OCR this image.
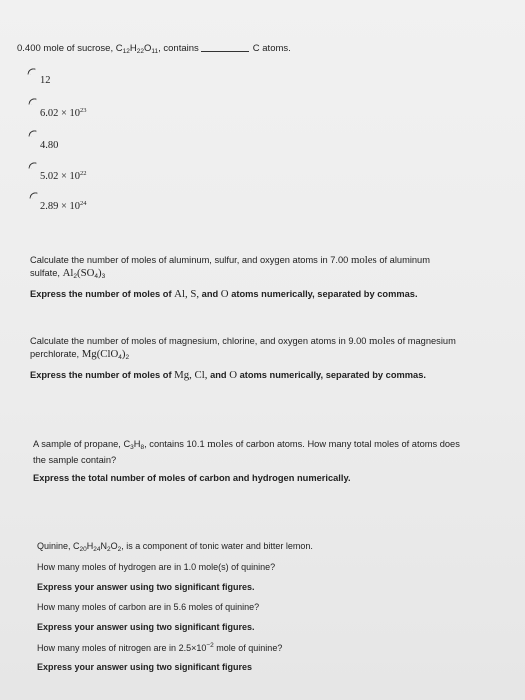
0.400 mole of sucrose, $C_{12}H_{22}O_{11}$, contains	C atoms.
12
$6.02 \times 10^{23}$
4.80
$5.02 \times 10^{22}$
$2.89 \times 10^{24}$
Calculate the number of moles of aluminum, sulfur, and oxygen atoms in 7.00 moles of aluminum
sulfate, $Al_2(SO_4)_3$
Express the number of moles of Al, S, and O atoms numerically, separated by commas.
Calculate the number of moles of magnesium, chlorine, and oxygen atoms in 9.00 moles of magnesium
perchlorate, $Mg(ClO_4)_2$
Express the number of moles of Mg, Cl, and O atoms numerically, separated by commas.
A sample of propane, $C_3H_8$, contains 10.1 moles of carbon atoms. How many total moles of atoms does
the sample contain?
Express the total number of moles of carbon and hydrogen numerically.
Quinine, $C_{20}H_{24}N_2O_2$, is a component of tonic water and bitter lemon.
How many moles of hydrogen are in 1.0 mole(s) of quinine?
Express your answer using two significant figures.
How many moles of carbon are in 5.6 moles of quinine?
Express your answer using two significant figures.
How many moles of nitrogen are in $2.5\times 10^{-2}$ mole of quinine?
Express your answer using two significant figures
